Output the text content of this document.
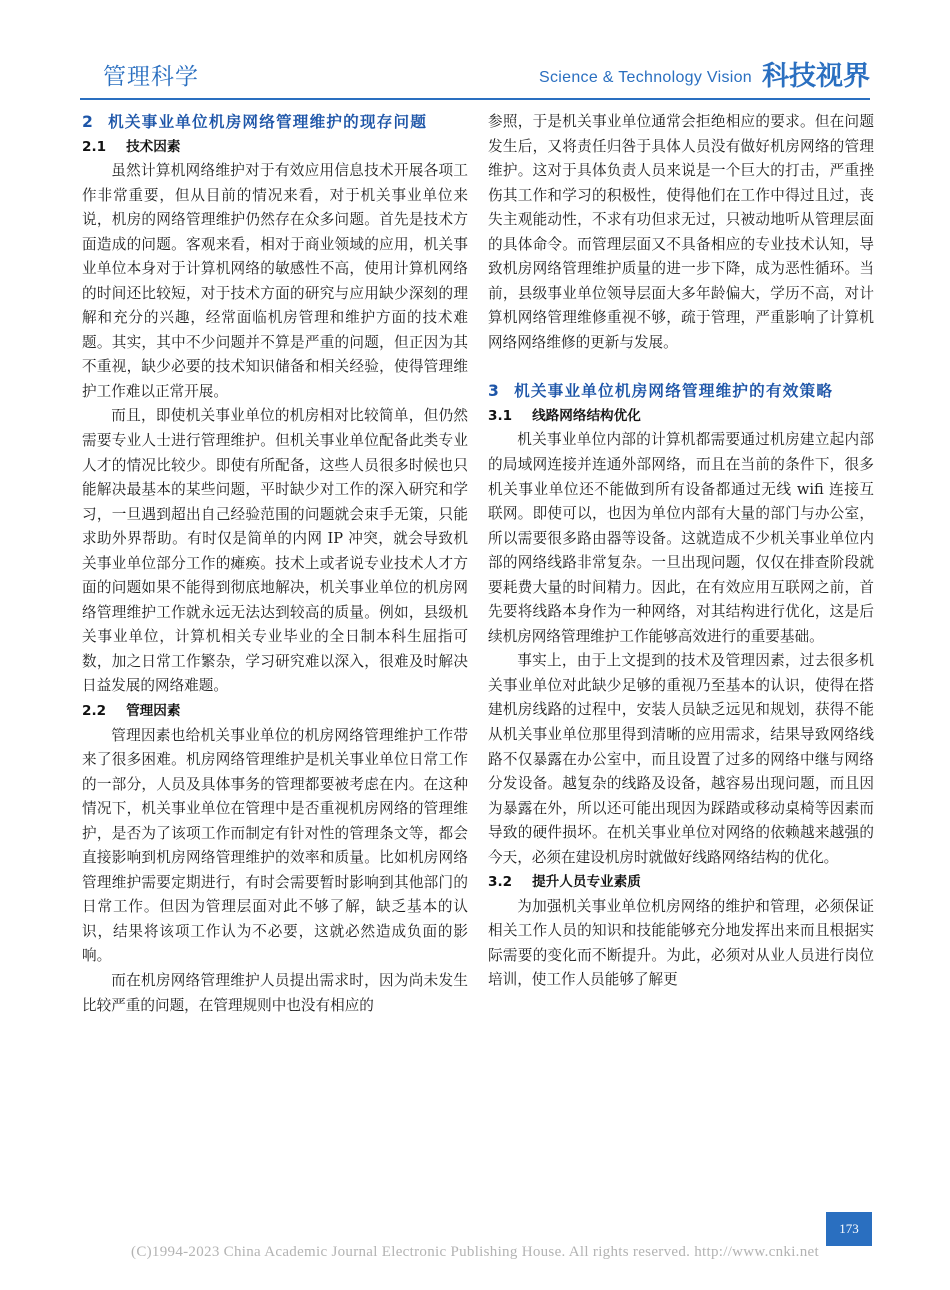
管理科学	Science & Technology Vision 科技视界
2 机关事业单位机房网络管理维护的现存问题
2.1 技术因素

虽然计算机网络维护对于有效应用信息技术开展各项工作非常重要，但从目前的情况来看，对于机关事业单位来说，机房的网络管理维护仍然存在众多问题。首先是技术方面造成的问题。客观来看，相对于商业领域的应用，机关事业单位本身对于计算机网络的敏感性不高，使用计算机网络的时间还比较短，对于技术方面的研究与应用缺少深刻的理解和充分的兴趣，经常面临机房管理和维护方面的技术难题。其实，其中不少问题并不算是严重的问题，但正因为其不重视，缺少必要的技术知识储备和相关经验，使得管理维护工作难以正常开展。

而且，即使机关事业单位的机房相对比较简单，但仍然需要专业人士进行管理维护。但机关事业单位配备此类专业人才的情况比较少。即使有所配备，这些人员很多时候也只能解决最基本的某些问题，平时缺少对工作的深入研究和学习，一旦遇到超出自己经验范围的问题就会束手无策，只能求助外界帮助。有时仅是简单的内网 IP 冲突，就会导致机关事业单位部分工作的瘫痪。技术上或者说专业技术人才方面的问题如果不能得到彻底地解决，机关事业单位的机房网络管理维护工作就永远无法达到较高的质量。例如，县级机关事业单位，计算机相关专业毕业的全日制本科生屈指可数，加之日常工作繁杂，学习研究难以深入，很难及时解决日益发展的网络难题。

2.2 管理因素

管理因素也给机关事业单位的机房网络管理维护工作带来了很多困难。机房网络管理维护是机关事业单位日常工作的一部分，人员及具体事务的管理都要被考虑在内。在这种情况下，机关事业单位在管理中是否重视机房网络的管理维护，是否为了该项工作而制定有针对性的管理条文等，都会直接影响到机房网络管理维护的效率和质量。比如机房网络管理维护需要定期进行，有时会需要暂时影响到其他部门的日常工作。但因为管理层面对此不够了解，缺乏基本的认识，结果将该项工作认为不必要，这就必然造成负面的影响。

而在机房网络管理维护人员提出需求时，因为尚未发生比较严重的问题，在管理规则中也没有相应的

参照，于是机关事业单位通常会拒绝相应的要求。但在问题发生后，又将责任归咎于具体人员没有做好机房网络的管理维护。这对于具体负责人员来说是一个巨大的打击，严重挫伤其工作和学习的积极性，使得他们在工作中得过且过，丧失主观能动性，不求有功但求无过，只被动地听从管理层面的具体命令。而管理层面又不具备相应的专业技术认知，导致机房网络管理维护质量的进一步下降，成为恶性循环。当前，县级事业单位领导层面大多年龄偏大，学历不高，对计算机网络管理维修重视不够，疏于管理，严重影响了计算机网络网络维修的更新与发展。

3 机关事业单位机房网络管理维护的有效策略
3.1 线路网络结构优化

机关事业单位内部的计算机都需要通过机房建立起内部的局域网连接并连通外部网络，而且在当前的条件下，很多机关事业单位还不能做到所有设备都通过无线 wifi 连接互联网。即使可以，也因为单位内部有大量的部门与办公室，所以需要很多路由器等设备。这就造成不少机关事业单位内部的网络线路非常复杂。一旦出现问题，仅仅在排查阶段就要耗费大量的时间精力。因此，在有效应用互联网之前，首先要将线路本身作为一种网络，对其结构进行优化，这是后续机房网络管理维护工作能够高效进行的重要基础。

事实上，由于上文提到的技术及管理因素，过去很多机关事业单位对此缺少足够的重视乃至基本的认识，使得在搭建机房线路的过程中，安装人员缺乏远见和规划，获得不能从机关事业单位那里得到清晰的应用需求，结果导致网络线路不仅暴露在办公室中，而且设置了过多的网络中继与网络分发设备。越复杂的线路及设备，越容易出现问题，而且因为暴露在外，所以还可能出现因为踩踏或移动桌椅等因素而导致的硬件损坏。在机关事业单位对网络的依赖越来越强的今天，必须在建设机房时就做好线路网络结构的优化。

3.2 提升人员专业素质

为加强机关事业单位机房网络的维护和管理，必须保证相关工作人员的知识和技能能够充分地发挥出来而且根据实际需要的变化而不断提升。为此，必须对从业人员进行岗位培训，使工作人员能够了解更

173
(C)1994-2023 China Academic Journal Electronic Publishing House. All rights reserved. http://www.cnki.net
